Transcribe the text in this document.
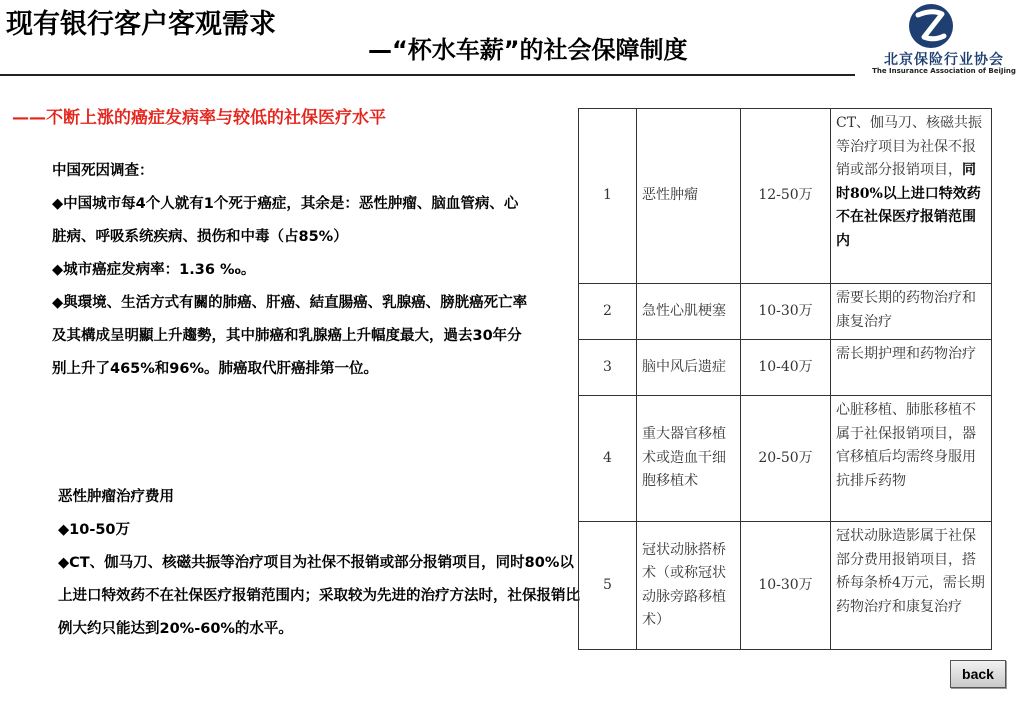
现有银行客户客观需求
—“杯水车薪”的社会保障制度	北京保险行业协会
The Insurance Association of BeiJing
——不断上涨的癌症发病率与较低的社保医疗水平

中国死因调查：

◆中国城市每4个人就有1个死于癌症，其余是：恶性肿瘤、脑血管病、心脏病、呼吸系统疾病、损伤和中毒（占85%）

◆城市癌症发病率：1.36 ‰。

◆與環境、生活方式有關的肺癌、肝癌、結直腸癌、乳腺癌、膀胱癌死亡率及其構成呈明顯上升趨勢，其中肺癌和乳腺癌上升幅度最大，過去30年分别上升了465%和96%。肺癌取代肝癌排第一位。

恶性肿瘤治疗费用

◆10-50万

◆CT、伽马刀、核磁共振等治疗项目为社保不报销或部分报销项目，同时80%以上进口特效药不在社保医疗报销范围内；采取较为先进的治疗方法时，社保报销比例大约只能达到20%-60%的水平。

1	恶性肿瘤	12-50万	CT、伽马刀、核磁共振等治疗项目为社保不报销或部分报销项目，同时80%以上进口特效药不在社保医疗报销范围内
2	急性心肌梗塞	10-30万	需要长期的药物治疗和康复治疗
3	脑中风后遗症	10-40万	需长期护理和药物治疗
4	重大器官移植术或造血干细胞移植术	20-50万	心脏移植、肺胀移植不属于社保报销项目，器官移植后均需终身服用抗排斥药物
5	冠状动脉搭桥术（或称冠状动脉旁路移植术）	10-30万	冠状动脉造影属于社保部分费用报销项目，搭桥每条桥4万元，需长期药物治疗和康复治疗
back
